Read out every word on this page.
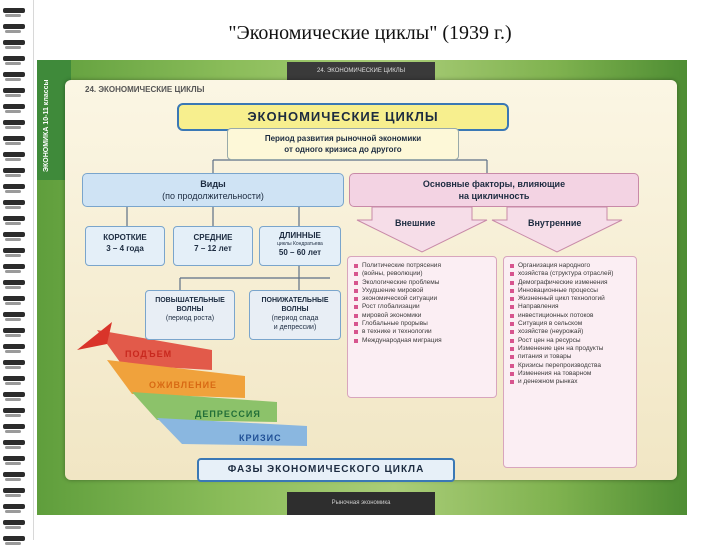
"Экономические циклы" (1939 г.)
24. ЭКОНОМИЧЕСКИЕ ЦИКЛЫ
ЭКОНОМИКА 10-11 классы	24. ЭКОНОМИЧЕСКИЕ ЦИКЛЫ
ЭКОНОМИЧЕСКИЕ ЦИКЛЫ
Период развития рыночной экономики
от одного кризиса до другого
Виды
(по продолжительности)
КОРОТКИЕ
3 – 4 года
СРЕДНИЕ
7 – 12 лет
ДЛИННЫЕ
циклы Кондратьева
50 – 60 лет
ПОВЫШАТЕЛЬНЫЕ
ВОЛНЫ
(период роста)
ПОНИЖАТЕЛЬНЫЕ
ВОЛНЫ
(период спада
и депрессии)
Основные факторы, влияющие
на цикличность
Внешние	Внутренние
Политические потрясения
(войны, революции)
Экологические проблемы
Ухудшение мировой
экономической ситуации
Рост глобализации
мировой экономики
Глобальные прорывы
в технике и технологии
Международная миграция
Организация народного
хозяйства (структура отраслей)
Демографические изменения
Инновационные процессы
Жизненный цикл технологий
Направления
инвестиционных потоков
Ситуация в сельском
хозяйстве (неурожай)
Рост цен на ресурсы
Изменение цен на продукты
питания и товары
Кризисы перепроизводства
Изменения на товарном
и денежном рынках
ПОДЪЕМ
ОЖИВЛЕНИЕ
ДЕПРЕССИЯ
КРИЗИС
ФАЗЫ ЭКОНОМИЧЕСКОГО ЦИКЛА
Рыночная экономика
